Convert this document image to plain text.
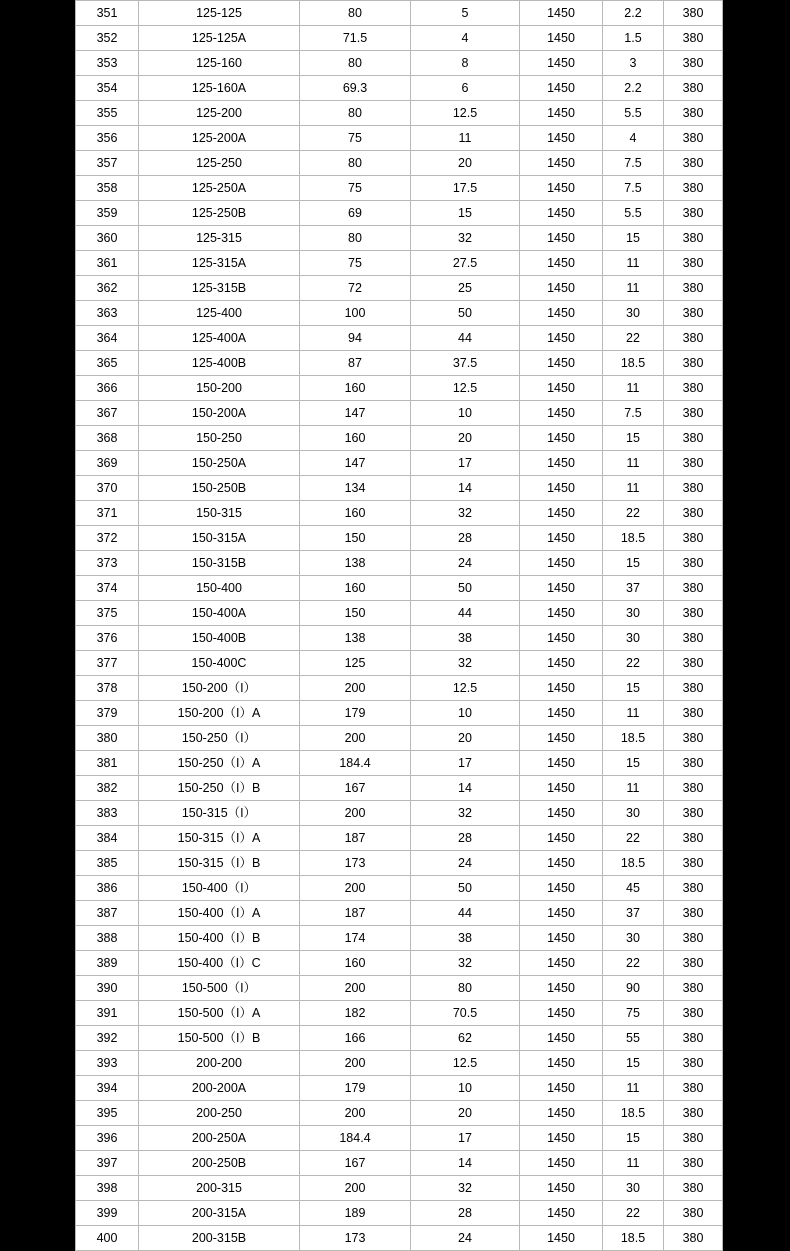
351	125-125	80	5	1450	2.2	380
352	125-125A	71.5	4	1450	1.5	380
353	125-160	80	8	1450	3	380
354	125-160A	69.3	6	1450	2.2	380
355	125-200	80	12.5	1450	5.5	380
356	125-200A	75	11	1450	4	380
357	125-250	80	20	1450	7.5	380
358	125-250A	75	17.5	1450	7.5	380
359	125-250B	69	15	1450	5.5	380
360	125-315	80	32	1450	15	380
361	125-315A	75	27.5	1450	11	380
362	125-315B	72	25	1450	11	380
363	125-400	100	50	1450	30	380
364	125-400A	94	44	1450	22	380
365	125-400B	87	37.5	1450	18.5	380
366	150-200	160	12.5	1450	11	380
367	150-200A	147	10	1450	7.5	380
368	150-250	160	20	1450	15	380
369	150-250A	147	17	1450	11	380
370	150-250B	134	14	1450	11	380
371	150-315	160	32	1450	22	380
372	150-315A	150	28	1450	18.5	380
373	150-315B	138	24	1450	15	380
374	150-400	160	50	1450	37	380
375	150-400A	150	44	1450	30	380
376	150-400B	138	38	1450	30	380
377	150-400C	125	32	1450	22	380
378	150-200（I）	200	12.5	1450	15	380
379	150-200（I）A	179	10	1450	11	380
380	150-250（I）	200	20	1450	18.5	380
381	150-250（I）A	184.4	17	1450	15	380
382	150-250（I）B	167	14	1450	11	380
383	150-315（I）	200	32	1450	30	380
384	150-315（I）A	187	28	1450	22	380
385	150-315（I）B	173	24	1450	18.5	380
386	150-400（I）	200	50	1450	45	380
387	150-400（I）A	187	44	1450	37	380
388	150-400（I）B	174	38	1450	30	380
389	150-400（I）C	160	32	1450	22	380
390	150-500（I）	200	80	1450	90	380
391	150-500（I）A	182	70.5	1450	75	380
392	150-500（I）B	166	62	1450	55	380
393	200-200	200	12.5	1450	15	380
394	200-200A	179	10	1450	11	380
395	200-250	200	20	1450	18.5	380
396	200-250A	184.4	17	1450	15	380
397	200-250B	167	14	1450	11	380
398	200-315	200	32	1450	30	380
399	200-315A	189	28	1450	22	380
400	200-315B	173	24	1450	18.5	380
